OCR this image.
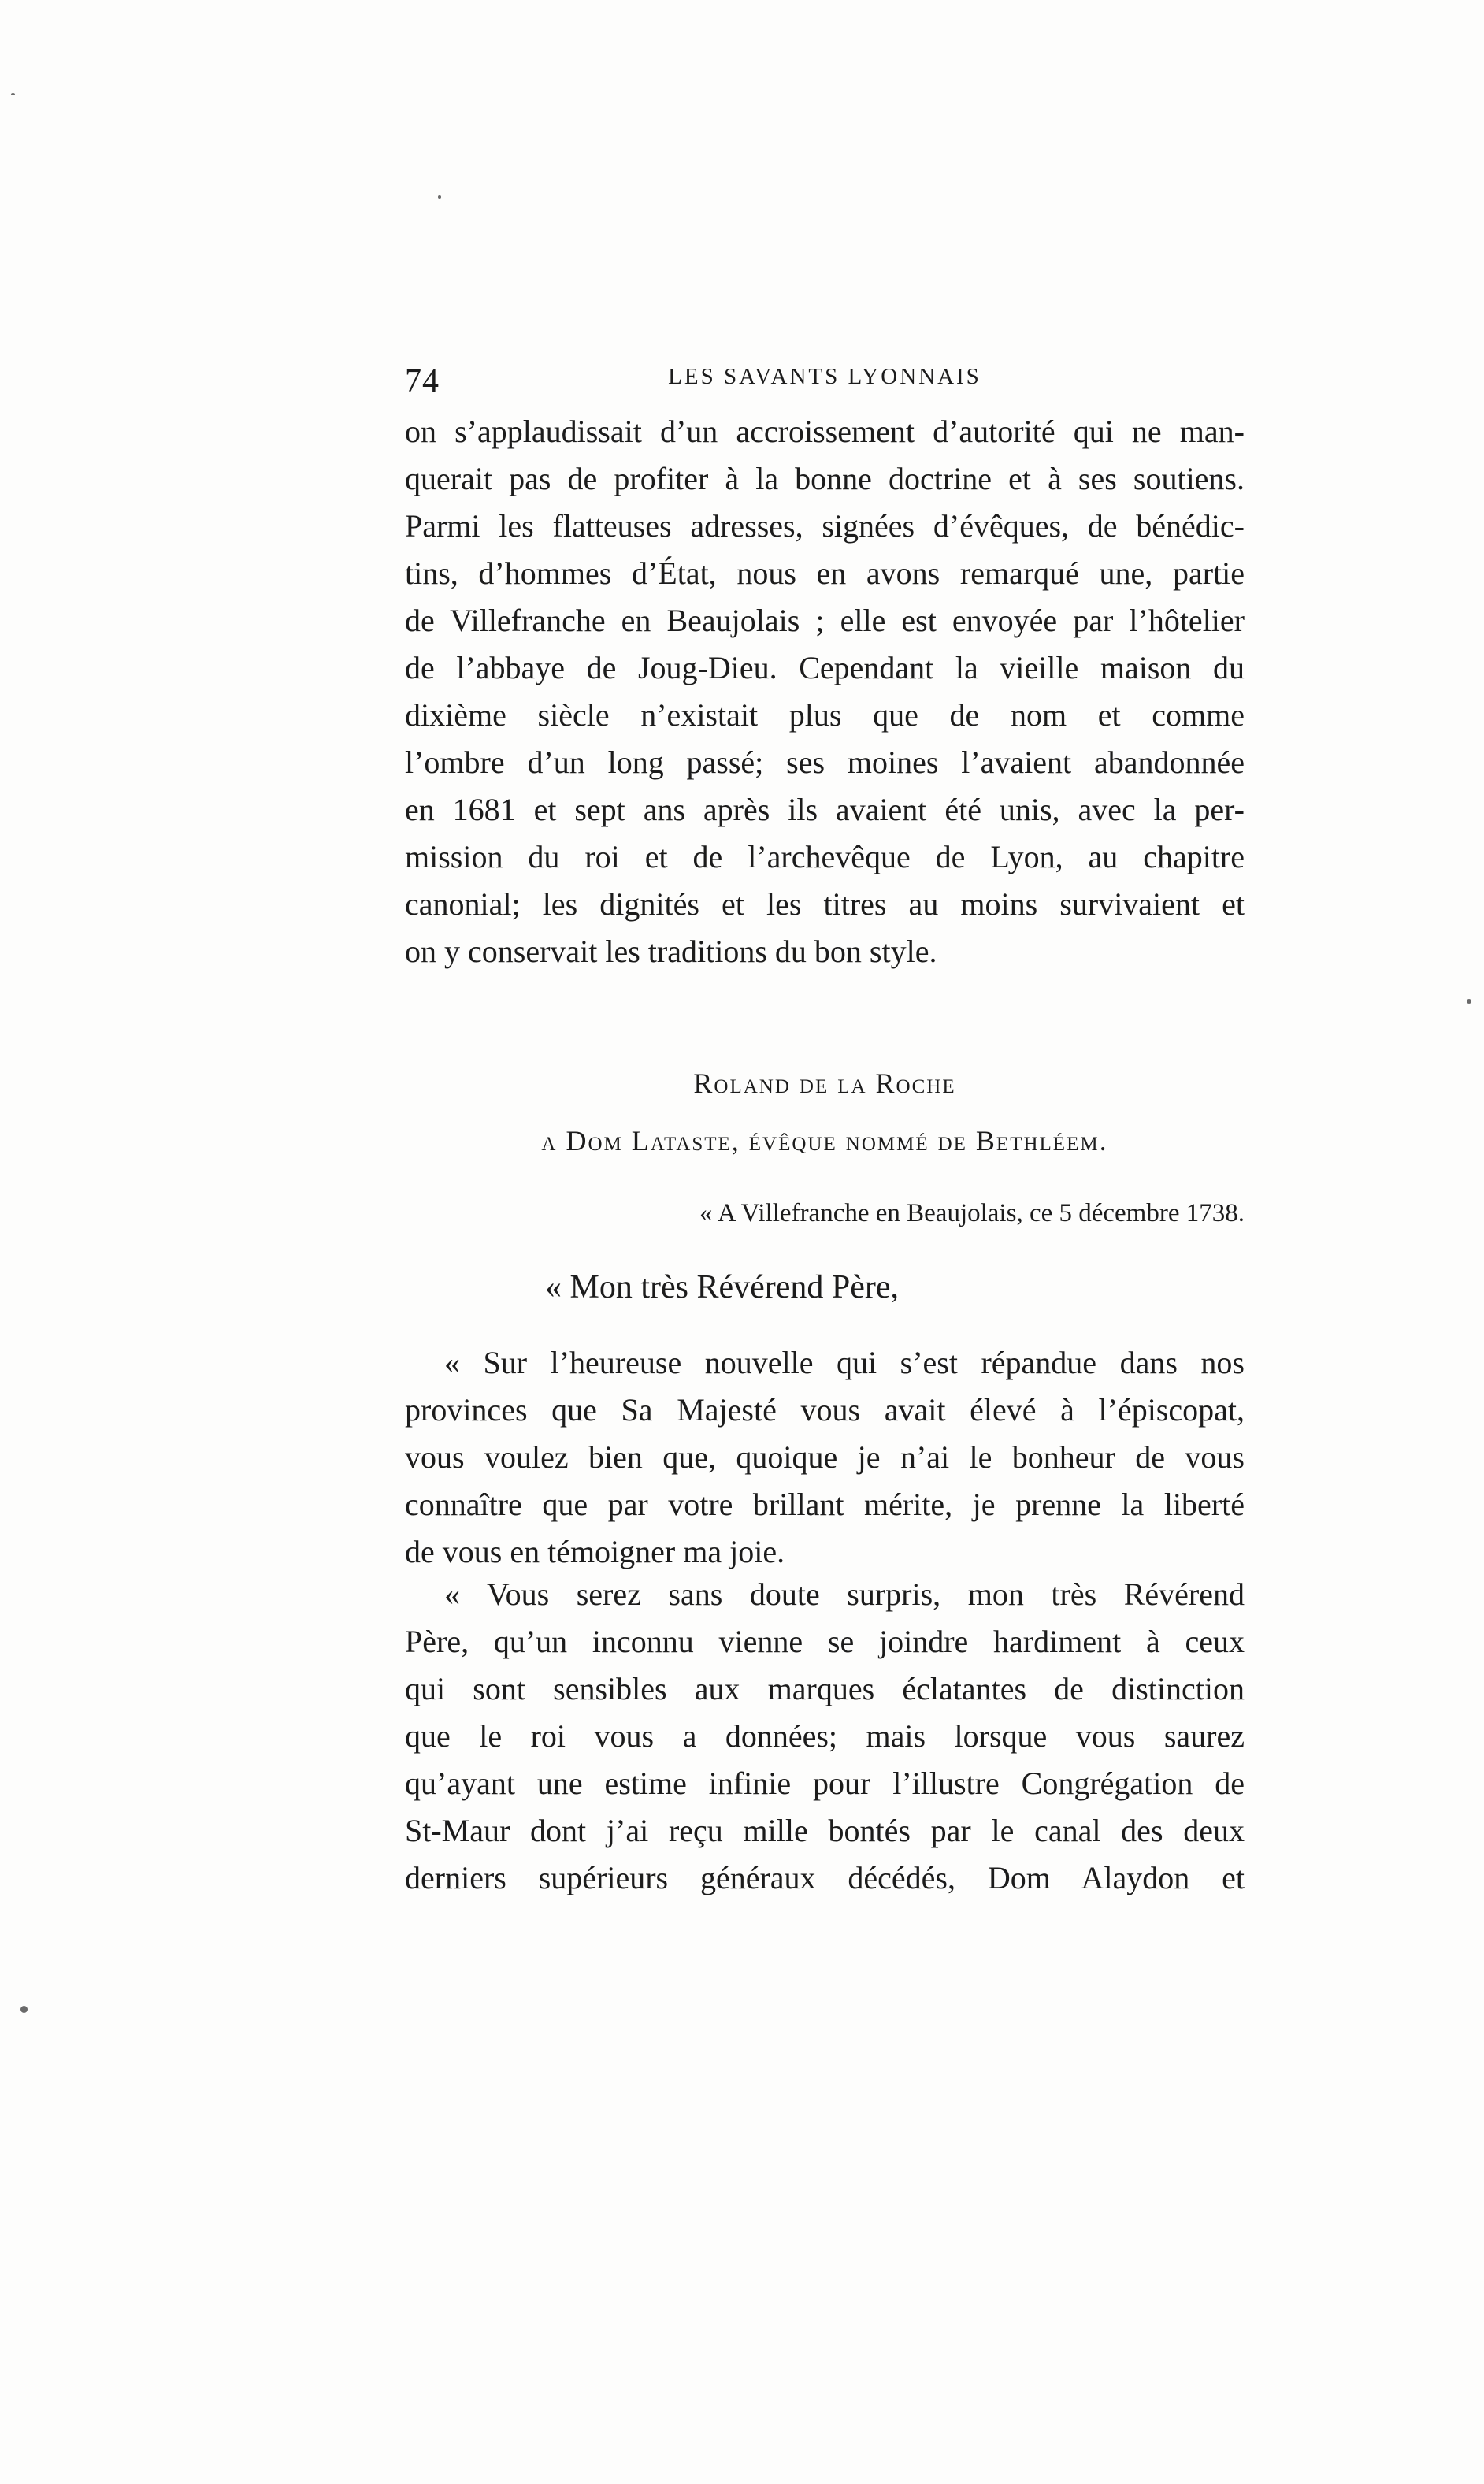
74	LES SAVANTS LYONNAIS
on s’applaudissait d’un accroissement d’autorité qui ne man-
querait pas de profiter à la bonne doctrine et à ses soutiens.
Parmi les flatteuses adresses, signées d’évêques, de bénédic-
tins, d’hommes d’État, nous en avons remarqué une, partie
de Villefranche en Beaujolais ; elle est envoyée par l’hôtelier
de l’abbaye de Joug-Dieu. Cependant la vieille maison du
dixième siècle n’existait plus que de nom et comme
l’ombre d’un long passé; ses moines l’avaient abandonnée
en 1681 et sept ans après ils avaient été unis, avec la per-
mission du roi et de l’archevêque de Lyon, au chapitre
canonial; les dignités et les titres au moins survivaient et
on y conservait les traditions du bon style.
Roland de la Roche
a Dom Lataste, évêque nommé de Bethléem.
« A Villefranche en Beaujolais, ce 5 décembre 1738.
« Mon très Révérend Père,
« Sur l’heureuse nouvelle qui s’est répandue dans nos
provinces que Sa Majesté vous avait élevé à l’épiscopat,
vous voulez bien que, quoique je n’ai le bonheur de vous
connaître que par votre brillant mérite, je prenne la liberté
de vous en témoigner ma joie.
« Vous serez sans doute surpris, mon très Révérend
Père, qu’un inconnu vienne se joindre hardiment à ceux
qui sont sensibles aux marques éclatantes de distinction
que le roi vous a données; mais lorsque vous saurez
qu’ayant une estime infinie pour l’illustre Congrégation de
St-Maur dont j’ai reçu mille bontés par le canal des deux
derniers supérieurs généraux décédés, Dom Alaydon et
